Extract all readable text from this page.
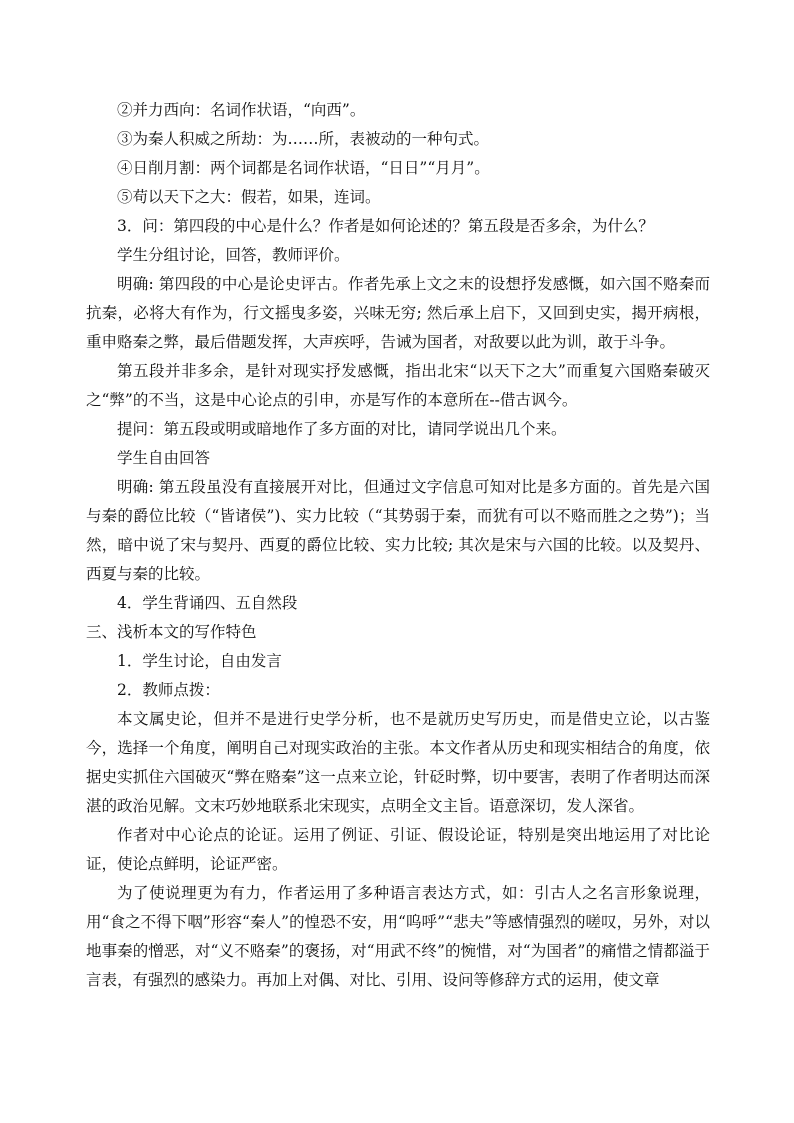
②并力西向：名词作状语，“向西”。

③为秦人积威之所劫：为……所，表被动的一种句式。

④日削月割：两个词都是名词作状语，“日日”“月月”。

⑤苟以天下之大：假若，如果，连词。

3．问：第四段的中心是什么？作者是如何论述的？第五段是否多余，为什么？

学生分组讨论，回答，教师评价。

明确: 第四段的中心是论史评古。作者先承上文之末的设想抒发感慨，如六国不赂秦而抗秦，必将大有作为，行文摇曳多姿，兴味无穷; 然后承上启下，又回到史实，揭开病根，重申赂秦之弊，最后借题发挥，大声疾呼，告诫为国者，对敌要以此为训，敢于斗争。

第五段并非多余，是针对现实抒发感慨，指出北宋“以天下之大”而重复六国赂秦破灭之“弊”的不当，这是中心论点的引申，亦是写作的本意所在--借古讽今。

提问：第五段或明或暗地作了多方面的对比，请同学说出几个来。

学生自由回答

明确: 第五段虽没有直接展开对比，但通过文字信息可知对比是多方面的。首先是六国与秦的爵位比较（“皆诸侯”)、实力比较（“其势弱于秦，而犹有可以不赂而胜之之势”)；当然，暗中说了宋与契丹、西夏的爵位比较、实力比较; 其次是宋与六国的比较。以及契丹、西夏与秦的比较。

4．学生背诵四、五自然段

三、浅析本文的写作特色

1．学生讨论，自由发言

2．教师点拨：

本文属史论，但并不是进行史学分析，也不是就历史写历史，而是借史立论，以古鉴今，选择一个角度，阐明自己对现实政治的主张。本文作者从历史和现实相结合的角度，依据史实抓住六国破灭“弊在赂秦”这一点来立论，针砭时弊，切中要害，表明了作者明达而深湛的政治见解。文末巧妙地联系北宋现实，点明全文主旨。语意深切，发人深省。

作者对中心论点的论证。运用了例证、引证、假设论证，特别是突出地运用了对比论证，使论点鲜明，论证严密。

为了使说理更为有力，作者运用了多种语言表达方式，如：引古人之名言形象说理，用“食之不得下咽”形容“秦人”的惶恐不安，用“呜呼”“悲夫”等感情强烈的嗟叹，另外，对以地事秦的憎恶，对“义不赂秦”的褒扬，对“用武不终”的惋惜，对“为国者”的痛惜之情都溢于言表，有强烈的感染力。再加上对偶、对比、引用、设问等修辞方式的运用，使文章
